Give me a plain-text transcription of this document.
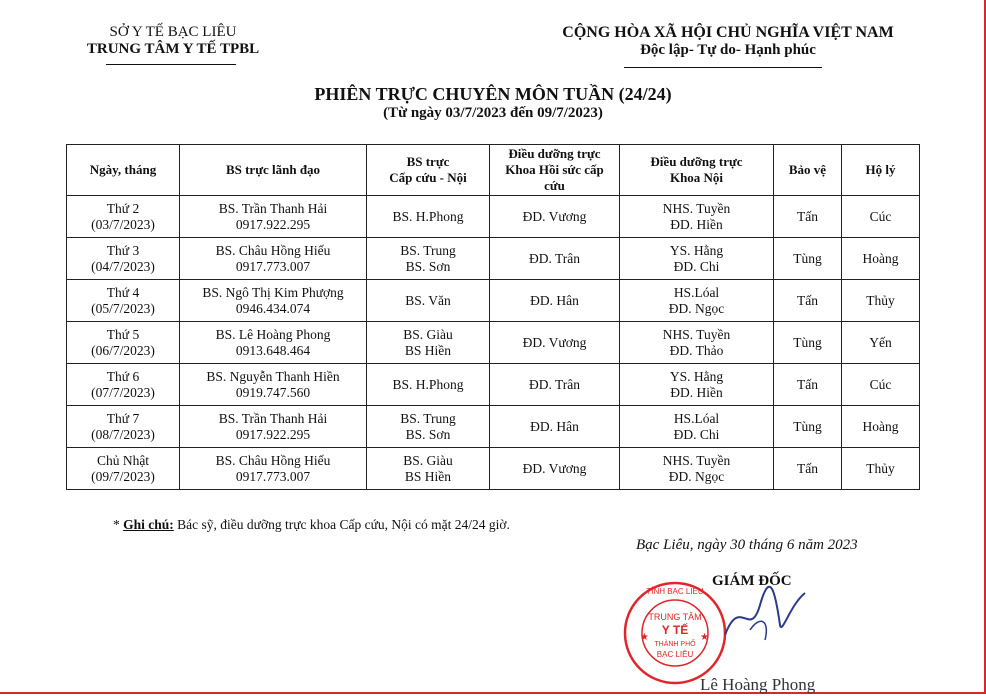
SỞ Y TẾ BẠC LIÊU
TRUNG TÂM Y TẾ TPBL
CỘNG HÒA XÃ HỘI CHỦ NGHĨA VIỆT NAM
Độc lập- Tự do- Hạnh phúc
PHIÊN TRỰC CHUYÊN MÔN TUẦN (24/24)
(Từ ngày 03/7/2023 đến 09/7/2023)
Ngày, tháng	BS trực lãnh đạo	BS trực
Cấp cứu - Nội	Điều dưỡng trực
Khoa Hồi sức cấp
cứu	Điều dưỡng trực
Khoa Nội	Bảo vệ	Hộ lý

Thứ 2
(03/7/2023)	BS. Trần Thanh Hải
0917.922.295	BS. H.Phong	ĐD. Vương	NHS. Tuyền
ĐD. Hiền	Tấn	Cúc

Thứ 3
(04/7/2023)	BS. Châu Hồng Hiếu
0917.773.007	BS. Trung
BS. Sơn	ĐD. Trân	YS. Hằng
ĐD. Chi	Tùng	Hoàng

Thứ 4
(05/7/2023)	BS. Ngô Thị Kim Phượng
0946.434.074	BS. Văn	ĐD. Hân	HS.Lóal
ĐD. Ngọc	Tấn	Thủy

Thứ 5
(06/7/2023)	BS. Lê Hoàng Phong
0913.648.464	BS. Giàu
BS Hiền	ĐD. Vương	NHS. Tuyền
ĐD. Thảo	Tùng	Yến

Thứ 6
(07/7/2023)	BS. Nguyễn Thanh Hiền
0919.747.560	BS. H.Phong	ĐD. Trân	YS. Hằng
ĐD. Hiền	Tấn	Cúc

Thứ 7
(08/7/2023)	BS. Trần Thanh Hải
0917.922.295	BS. Trung
BS. Sơn	ĐD. Hân	HS.Lóal
ĐD. Chi	Tùng	Hoàng

Chủ Nhật
(09/7/2023)	BS. Châu Hồng Hiếu
0917.773.007	BS. Giàu
BS Hiền	ĐD. Vương	NHS. Tuyền
ĐD. Ngọc	Tấn	Thủy
* Ghi chú: Bác sỹ, điều dưỡng trực khoa Cấp cứu, Nội có mặt 24/24 giờ.
Bạc Liêu, ngày 30 tháng 6 năm 2023
TỈNH BẠC LIÊU
TRUNG TÂM
Y TẾ
THÀNH PHỐ
BẠC LIÊU
★	★
GIÁM ĐỐC
Lê Hoàng Phong
